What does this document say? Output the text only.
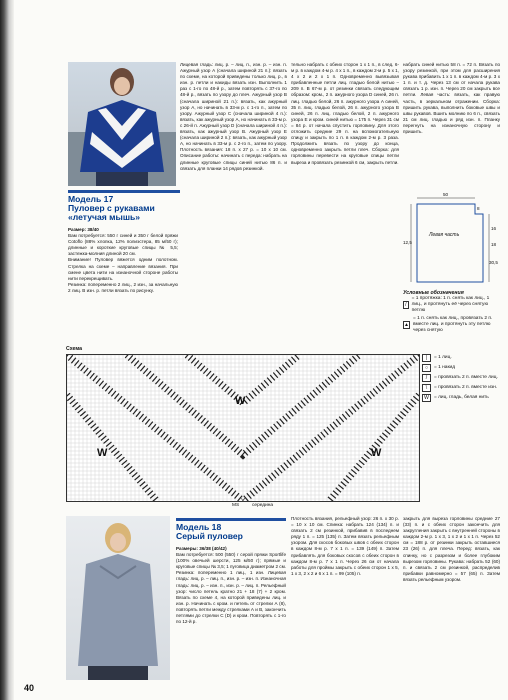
Модель 17
Пуловер с рукавами «летучая мышь»

Размер: 38/40

Вам потребуется: 550 г синей и 350 г белой пряжи Cotoflo (88% хлопка, 12% полиэстера, 85 м/50 г); длинные и короткие круговые спицы № 5,5; застежка-молния длиной 20 см.

Внимание! Пуловер вяжется одним полотном. Стрелка на схеме – направление вязания. При смене цвета нити на изнаночной стороне работы нити перекрещивать.

Резинка: попеременно 2 лиц., 2 изн., за начальную 2 лиц. В изн. р. петли вязать по рисунку.

Лицевая гладь: лиц. р. – лиц. п., изн. р. – изн. п. Ажурный узор А (сначала шириной 21 п.): вязать по схеме, на которой приведены только лиц. р., в изн. р. петли и накиды вязать изн. Выполнить 1 раз с 1-го по 48-й р., затем повторять с 37-го по 48-й р., вязать по узору до плеч. Ажурный узор B (сначала шириной 21 п.): вязать, как ажурный узор А, но начинать в 33-м р. с 1-го п., затем по узору. Ажурный узор C (сначала шириной 4 п.): вязать, как ажурный узор A, но начинать в 33-м р. с 26-й п. Ажурный узор D (сначала шириной 4 п.): вязать, как ажурный узор B. Ажурный узор E (сначала шириной 2 п.): вязать, как ажурный узор A, но начинать в 33-м р. с 2-го п., затем по узору. Плотность вязания: 18 п. x 27 р. = 10 x 10 см. Описание работы: начинать с переда: набрать на длинные круговые спицы синей нитью 86 п. и связать для планки 14 рядов резинкой.

тельно набрать с обеих сторон 1 х 1 п., в след. 6-м р. в каждом 4-м р. 4 х 1 п., в каждом 2-м р. 5 х 1, 4 х 2 и 2 х 1 п. Одновременно вывязывая прибавленные петли лиц. гладью белой нитью – 209 п. В 67-м р. от резинки связать следующим образом: кром., 2 п. ажурного узора D синей, 26 п. лиц. гладью белой, 26 п. ажурного узора A синей, 35 п. лиц. гладью белой, 26 п. ажурного узора B синей, 26 п. лиц. гладью белой, 2 п. ажурного узора E и кром. синей нитью = 175 п. Через 31 см = 84 р. от начала спустить горловину. Для этого отложить средние 29 п. на вспомогательную спицу и закрыть по 1 п. в каждом 2-м р. 3 раза. Продолжить вязать по узору до конца, одновременно закрыть петли плеч. Сборка: для горловины перевести на круговые спицы петли выреза и провязать резинкой 6 см, закрыть петли.

набрать синей нитью 58 п. = 72 п. Вязать по узору резинкой, при этом для расширения рукава прибавить 1 х 1 п. в каждом 4-м р. 3 х 1 п. и т. д. Через 13 см от начала рукава связать 1 р. изн. п. Через 20 см закрыть все петли. Левая часть: вязать, как правую часть, в зеркальном отражении. Сборка: пришить рукава, выполнить боковые швы и швы рукавов. Вшить молнию по 6 п., связать 21 см лиц. гладью и ряд изн. п. Планку перегнуть на изнаночную сторону и пришить.

Левая часть
50
8
16
18
30,5
12,5
Условные обозначения
/
= 1 протяжка: 1 п. снять как лиц., 1 лиц., и протянуть её через снятую петлю
▲
= 1 п. снять как лиц., провязать 2 п. вместе лиц. и протянуть эту петлю через снятую
Схема
W
W
W
MS	середина
|	= 1 лиц.
○	= 1 накид
/	= провязать 2 п. вместе лиц.
\	= провязать 2 п. вместе изн.
W	= лиц. гладь, белая нить
Модель 18
Серый пуловер

Размеры: 36/38 (40/42)

Вам потребуется: 500 (550) г серой пряжи Sportlife (100% овечьей шерсти, 125 м/50 г); прямые и круговые спицы № 3,5; 1 пуговица диаметром 2 см. Резинка: попеременно 1 лиц., 1 изн. Лицевая гладь: лиц. р. – лиц. п., изн. р. – изн. п. Изнаночная гладь: лиц. р. – изн. п., изн. р. – лиц. п. Рельефный узор: число петель кратно 21 + 18 (7) + 2 кром. Вязать по схеме 4, на которой приведены лиц. и изн. р. Начинать с кром. и петель от стрелки А (8), повторять петли между стрелками А и В, закончить петлями до стрелки C (D) и кром. Повторять с 1-го по 12-й р.

Плотность вязания, рельефный узор: 26 п. x 30 р. = 10 x 10 см. Спинка: набрать 124 (134) п. и связать 2 см резинкой, прибавив в последнем ряду 1 п. = 125 (135) п. Затем вязать рельефным узором. Для скосов боковых швов с обеих сторон в каждом 8-м р. 7 x 1 п. = 139 (149) п. Затем прибавлять для боковых скосов с обеих сторон в каждом 8-м р. 7 x 1 п. Через 26 см от начала работы для проймы закрыть с обеих сторон 1 x 5, 1 x 3, 2 x 2 и 6 x 1 п. = 99 (105) п.

закрыть для выреза горловины средние 27 (33) п. и с обеих сторон закончить для закругления закрыть с внутренней стороны в каждом 2-м р. 1 x 3, 1 x 2 и 1 x 1 п. Через 52 см = 188 р. от резинки закрыть оставшиеся 23 (26) п. для плеча. Перед: вязать, как спинку, но с разрезом и более глубоким вырезом горловины. Рукава: набрать 52 (60) п. и связать 2 см резинкой, распределив прибавки равномерно = 57 (65) п. Затем вязать рельефным узором.

40
